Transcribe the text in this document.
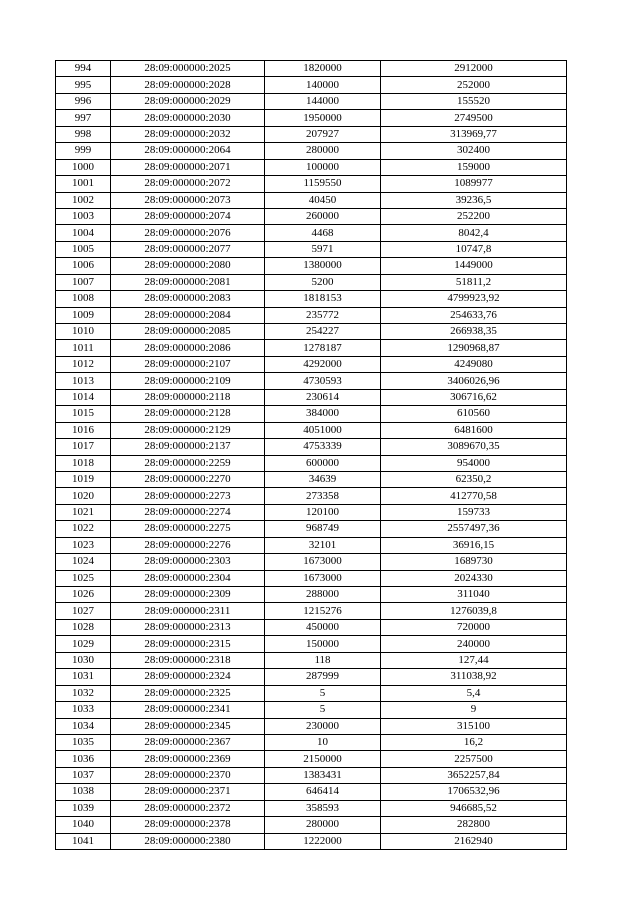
994	28:09:000000:2025	1820000	2912000
995	28:09:000000:2028	140000	252000
996	28:09:000000:2029	144000	155520
997	28:09:000000:2030	1950000	2749500
998	28:09:000000:2032	207927	313969,77
999	28:09:000000:2064	280000	302400
1000	28:09:000000:2071	100000	159000
1001	28:09:000000:2072	1159550	1089977
1002	28:09:000000:2073	40450	39236,5
1003	28:09:000000:2074	260000	252200
1004	28:09:000000:2076	4468	8042,4
1005	28:09:000000:2077	5971	10747,8
1006	28:09:000000:2080	1380000	1449000
1007	28:09:000000:2081	5200	51811,2
1008	28:09:000000:2083	1818153	4799923,92
1009	28:09:000000:2084	235772	254633,76
1010	28:09:000000:2085	254227	266938,35
1011	28:09:000000:2086	1278187	1290968,87
1012	28:09:000000:2107	4292000	4249080
1013	28:09:000000:2109	4730593	3406026,96
1014	28:09:000000:2118	230614	306716,62
1015	28:09:000000:2128	384000	610560
1016	28:09:000000:2129	4051000	6481600
1017	28:09:000000:2137	4753339	3089670,35
1018	28:09:000000:2259	600000	954000
1019	28:09:000000:2270	34639	62350,2
1020	28:09:000000:2273	273358	412770,58
1021	28:09:000000:2274	120100	159733
1022	28:09:000000:2275	968749	2557497,36
1023	28:09:000000:2276	32101	36916,15
1024	28:09:000000:2303	1673000	1689730
1025	28:09:000000:2304	1673000	2024330
1026	28:09:000000:2309	288000	311040
1027	28:09:000000:2311	1215276	1276039,8
1028	28:09:000000:2313	450000	720000
1029	28:09:000000:2315	150000	240000
1030	28:09:000000:2318	118	127,44
1031	28:09:000000:2324	287999	311038,92
1032	28:09:000000:2325	5	5,4
1033	28:09:000000:2341	5	9
1034	28:09:000000:2345	230000	315100
1035	28:09:000000:2367	10	16,2
1036	28:09:000000:2369	2150000	2257500
1037	28:09:000000:2370	1383431	3652257,84
1038	28:09:000000:2371	646414	1706532,96
1039	28:09:000000:2372	358593	946685,52
1040	28:09:000000:2378	280000	282800
1041	28:09:000000:2380	1222000	2162940
